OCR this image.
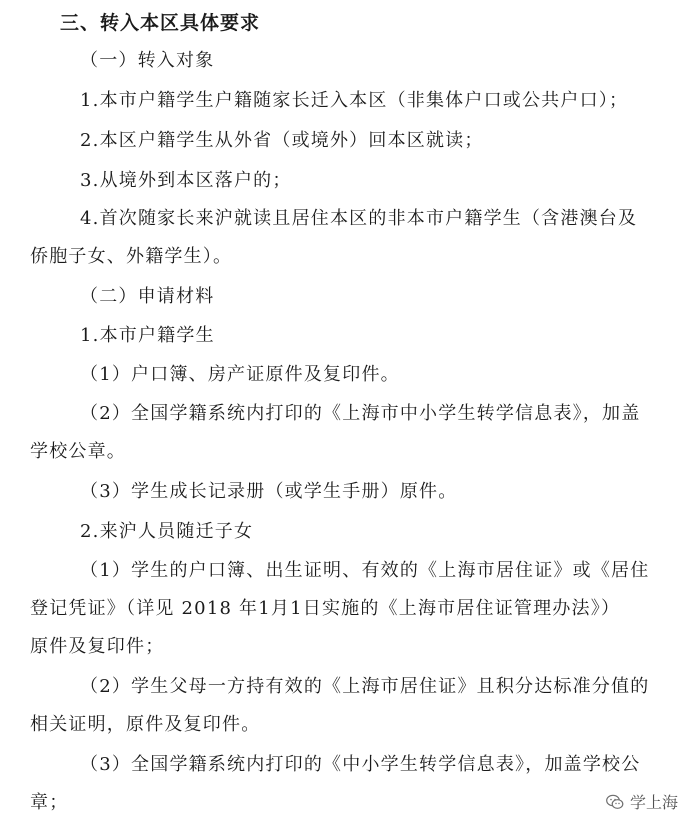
三、转入本区具体要求
（一）转入对象
1.本市户籍学生户籍随家长迁入本区（非集体户口或公共户口）；
2.本区户籍学生从外省（或境外）回本区就读；
3.从境外到本区落户的；
4.首次随家长来沪就读且居住本区的非本市户籍学生（含港澳台及
侨胞子女、外籍学生）。
（二）申请材料
1.本市户籍学生
（1）户口簿、房产证原件及复印件。
（2）全国学籍系统内打印的《上海市中小学生转学信息表》，加盖
学校公章。
（3）学生成长记录册（或学生手册）原件。
2.来沪人员随迁子女
（1）学生的户口簿、出生证明、有效的《上海市居住证》或《居住
登记凭证》（详见 2018 年1月1日实施的《上海市居住证管理办法》）
原件及复印件；
（2）学生父母一方持有效的《上海市居住证》且积分达标准分值的
相关证明，原件及复印件。
（3）全国学籍系统内打印的《中小学生转学信息表》，加盖学校公
章；	学上海
